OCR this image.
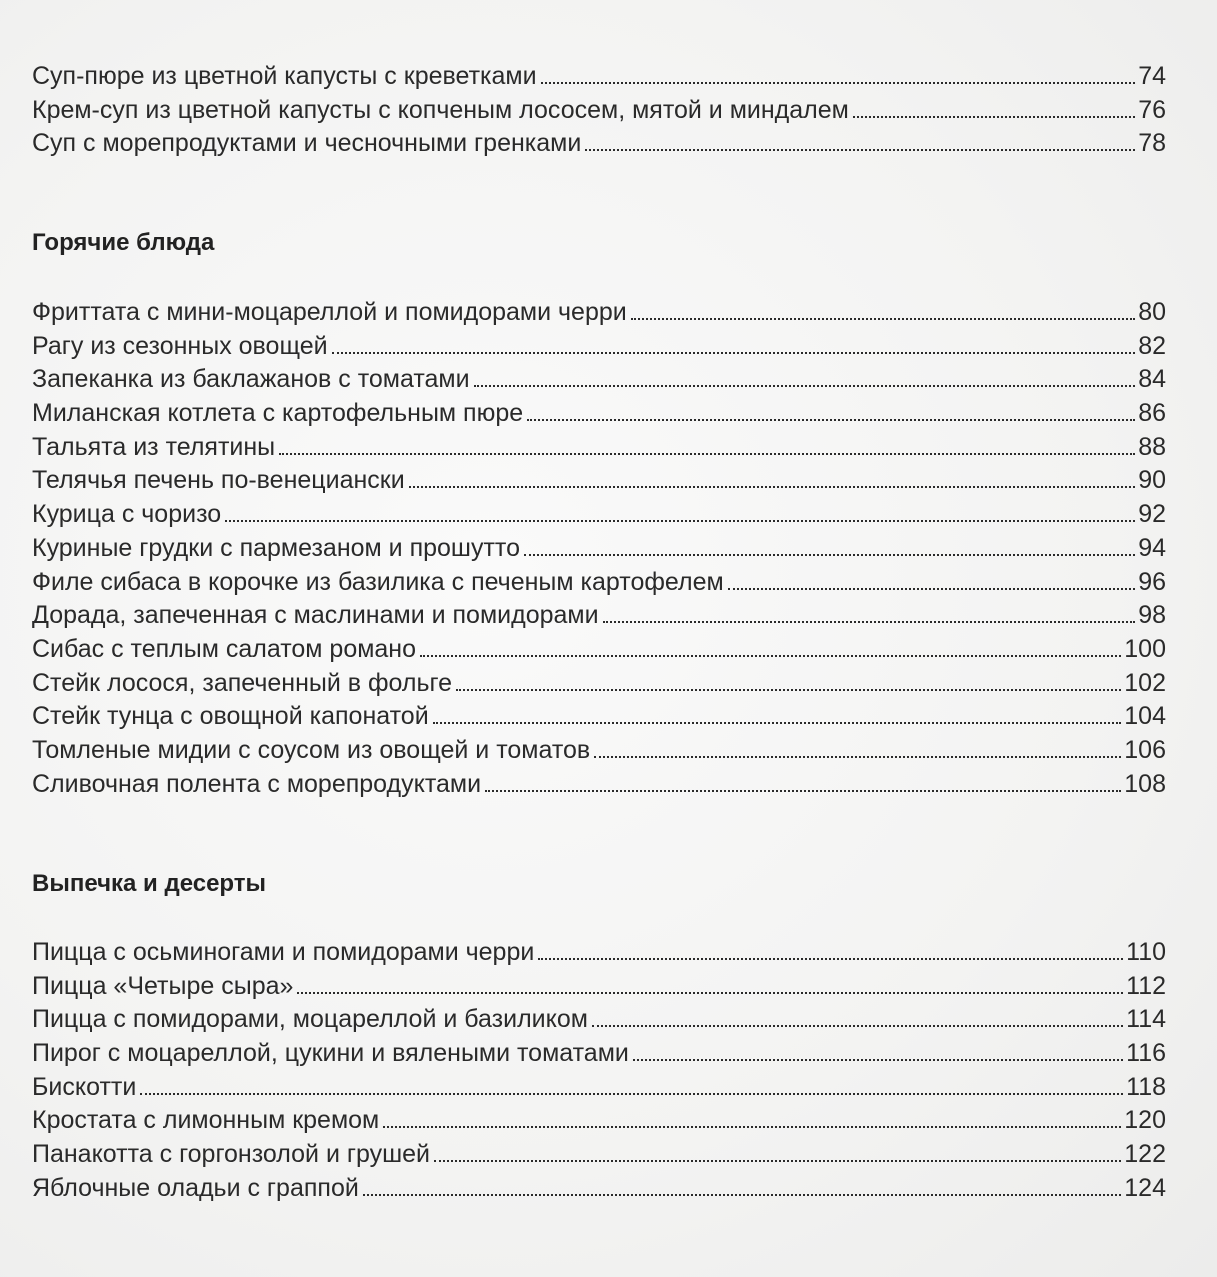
Суп-пюре из цветной капусты с креветками	74
Крем-суп из цветной капусты с копченым лососем, мятой и миндалем	76
Суп с морепродуктами и чесночными гренками	78
Горячие блюда
Фриттата с мини-моцареллой и помидорами черри	80
Рагу из сезонных овощей	82
Запеканка из баклажанов с томатами	84
Миланская котлета с картофельным пюре	86
Тальята из телятины	88
Телячья печень по-венециански	90
Курица с чоризо	92
Куриные грудки с пармезаном и прошутто	94
Филе сибаса в корочке из базилика с печеным картофелем	96
Дорада, запеченная с маслинами и помидорами	98
Сибас с теплым салатом романо	100
Стейк лосося, запеченный в фольге	102
Стейк тунца с овощной капонатой	104
Томленые мидии с соусом из овощей и томатов	106
Сливочная полента с морепродуктами	108
Выпечка и десерты
Пицца с осьминогами и помидорами черри	110
Пицца «Четыре сыра»	112
Пицца с помидорами, моцареллой и базиликом	114
Пирог с моцареллой, цукини и вялеными томатами	116
Бискотти	118
Кростата с лимонным кремом	120
Панакотта с горгонзолой и грушей	122
Яблочные оладьи с граппой	124
